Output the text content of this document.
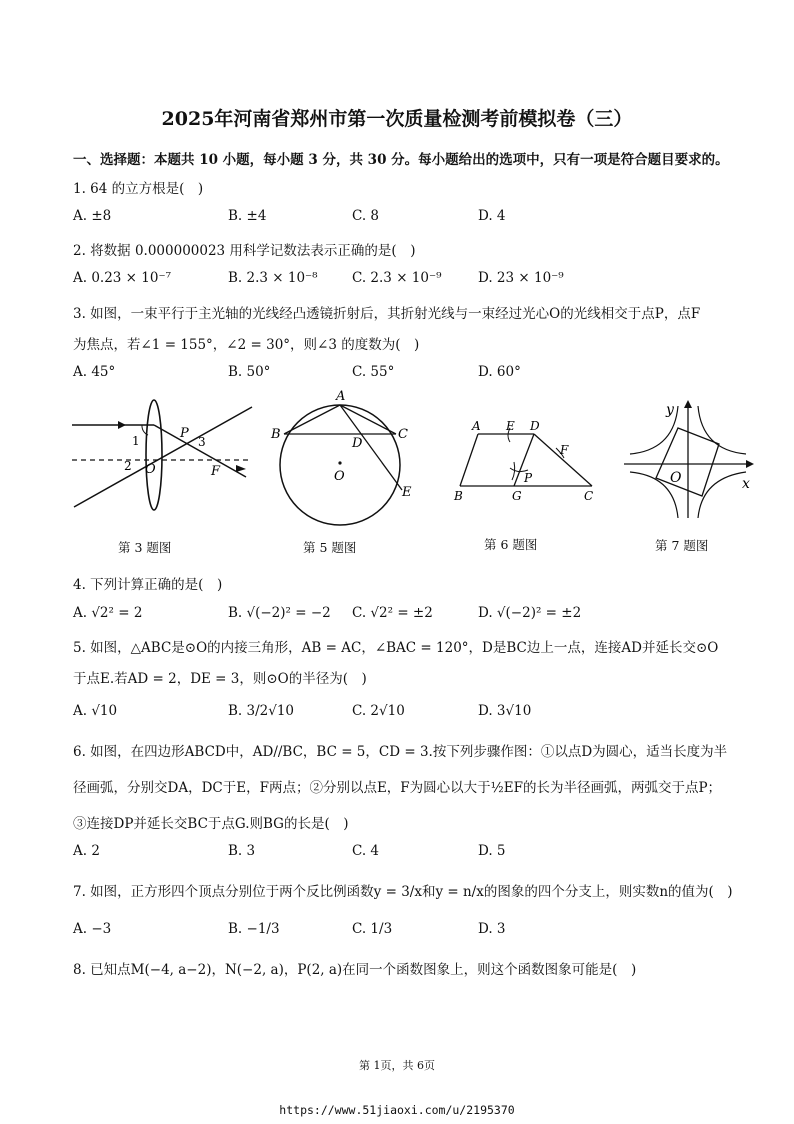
2025年河南省郑州市第一次质量检测考前模拟卷（三）
一、选择题：本题共 10 小题，每小题 3 分，共 30 分。每小题给出的选项中，只有一项是符合题目要求的。
1. 64 的立方根是(　)
A. ±8	B. ±4	C. 8	D. 4
2. 将数据 0.000000023 用科学记数法表示正确的是(　)
A. 0.23 × 10⁻⁷	B. 2.3 × 10⁻⁸	C. 2.3 × 10⁻⁹	D. 23 × 10⁻⁹
3. 如图，一束平行于主光轴的光线经凸透镜折射后，其折射光线与一束经过光心O的光线相交于点P，点F
为焦点，若∠1 = 155°，∠2 = 30°，则∠3 的度数为(　)
A. 45°	B. 50°	C. 55°	D. 60°
1
2
3
P
O	F
A
B	C
D
E
O
A E D
F
P
B	G	C
y
x
O
第 3 题图	第 5 题图	第 6 题图	第 7 题图
4. 下列计算正确的是(　)
A. √2² = 2	B. √(−2)² = −2 C. √2² = ±2	D. √(−2)² = ±2
5. 如图，△ABC是⊙O的内接三角形，AB = AC，∠BAC = 120°，D是BC边上一点，连接AD并延长交⊙O
于点E.若AD = 2，DE = 3，则⊙O的半径为(　)
A. √10	B. 3/2√10	C. 2√10	D. 3√10
6. 如图，在四边形ABCD中，AD//BC，BC = 5，CD = 3.按下列步骤作图：①以点D为圆心，适当长度为半
径画弧，分别交DA，DC于E，F两点；②分别以点E，F为圆心以大于½EF的长为半径画弧，两弧交于点P；
③连接DP并延长交BC于点G.则BG的长是(　)
A. 2	B. 3	C. 4	D. 5
7. 如图，正方形四个顶点分别位于两个反比例函数y = 3/x和y = n/x的图象的四个分支上，则实数n的值为(　)
A. −3	B. −1/3	C. 1/3	D. 3
8. 已知点M(−4, a−2)，N(−2, a)，P(2, a)在同一个函数图象上，则这个函数图象可能是(　)
第 1页，共 6页
https://www.51jiaoxi.com/u/2195370
